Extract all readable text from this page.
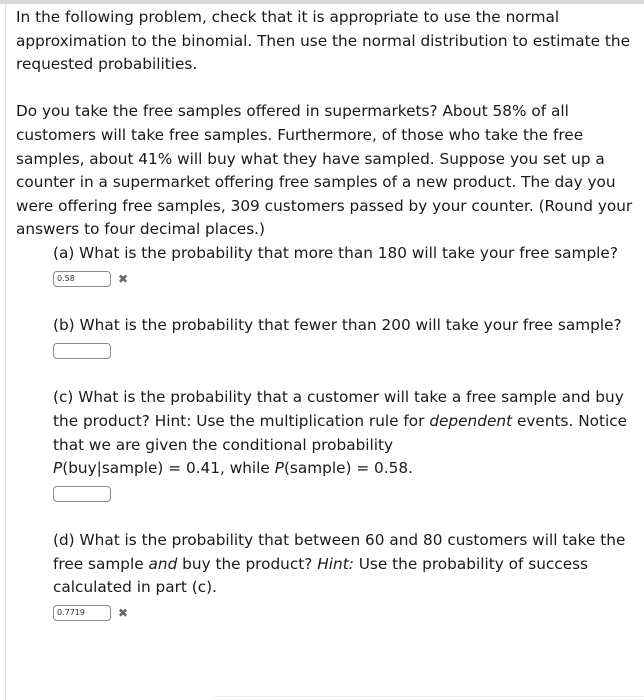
In the following problem, check that it is appropriate to use the normal approximation to the binomial. Then use the normal distribution to estimate the requested probabilities.

Do you take the free samples offered in supermarkets? About 58% of all customers will take free samples. Furthermore, of those who take the free samples, about 41% will buy what they have sampled. Suppose you set up a counter in a supermarket offering free samples of a new product. The day you were offering free samples, 309 customers passed by your counter. (Round your answers to four decimal places.)

(a) What is the probability that more than 180 will take your free sample?

0.58
✖

(b) What is the probability that fewer than 200 will take your free sample?

(c) What is the probability that a customer will take a free sample and buy the product? Hint: Use the multiplication rule for dependent events. Notice that we are given the conditional probability

P(buy|sample) = 0.41, while P(sample) = 0.58.

(d) What is the probability that between 60 and 80 customers will take the free sample and buy the product? Hint: Use the probability of success calculated in part (c).

0.7719
✖
